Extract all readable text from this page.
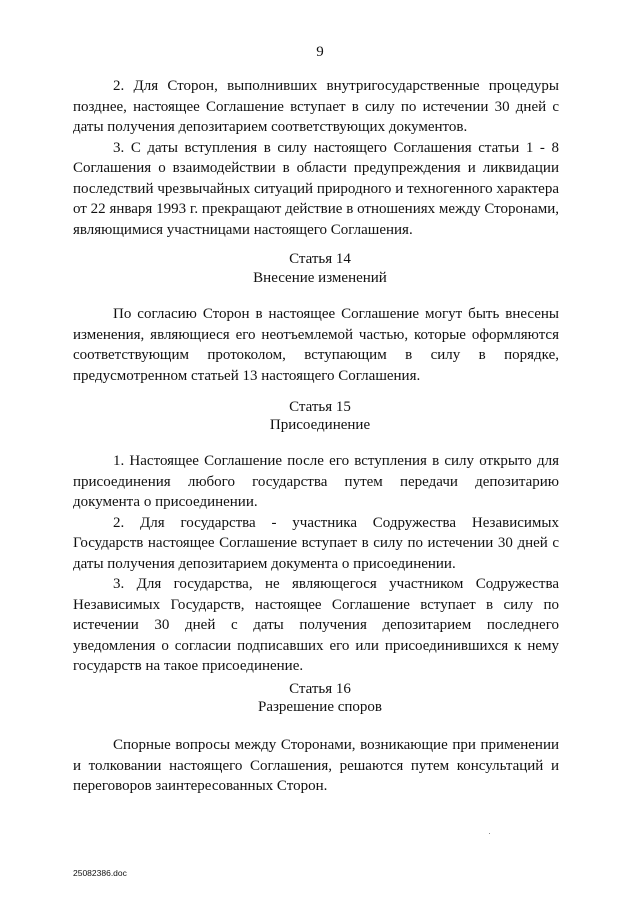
9

2. Для Сторон, выполнивших внутригосударственные процедуры позднее, настоящее Соглашение вступает в силу по истечении 30 дней с даты получения депозитарием соответствующих документов.

3. С даты вступления в силу настоящего Соглашения статьи 1 - 8 Соглашения о взаимодействии в области предупреждения и ликвидации последствий чрезвычайных ситуаций природного и техногенного характера от 22 января 1993 г. прекращают действие в отношениях между Сторонами, являющимися участницами настоящего Соглашения.

Статья 14
Внесение изменений

По согласию Сторон в настоящее Соглашение могут быть внесены изменения, являющиеся его неотъемлемой частью, которые оформляются соответствующим протоколом, вступающим в силу в порядке, предусмотренном статьей 13 настоящего Соглашения.

Статья 15
Присоединение

1. Настоящее Соглашение после его вступления в силу открыто для присоединения любого государства путем передачи депозитарию документа о присоединении.

2. Для государства - участника Содружества Независимых Государств настоящее Соглашение вступает в силу по истечении 30 дней с даты получения депозитарием документа о присоединении.

3. Для государства, не являющегося участником Содружества Независимых Государств, настоящее Соглашение вступает в силу по истечении 30 дней с даты получения депозитарием последнего уведомления о согласии подписавших его или присоединившихся к нему государств на такое присоединение.

Статья 16
Разрешение споров

Спорные вопросы между Сторонами, возникающие при применении и толковании настоящего Соглашения, решаются путем консультаций и переговоров заинтересованных Сторон.

25082386.doc
